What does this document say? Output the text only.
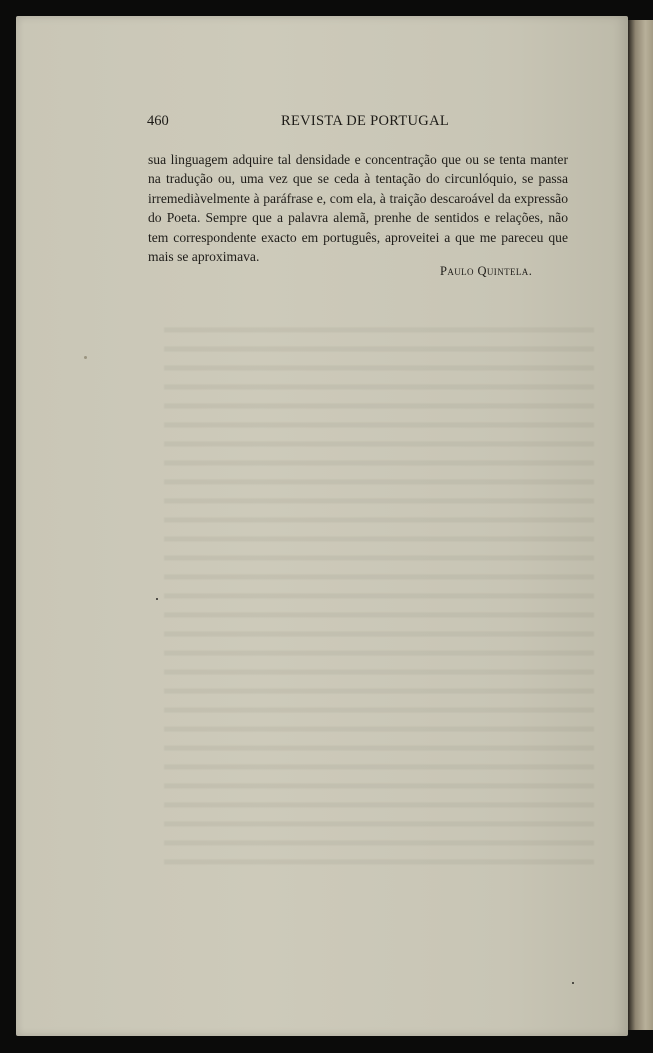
460	REVISTA DE PORTUGAL

sua linguagem adquire tal densidade e concentração que ou se tenta manter na tradução ou, uma vez que se ceda à tentação do circunlóquio, se passa irremediàvelmente à paráfrase e, com ela, à traição descaroável da expressão do Poeta. Sempre que a palavra alemã, prenhe de sentidos e relações, não tem correspondente exacto em português, aproveitei a que me pareceu que mais se aproximava.

Paulo Quintela.
